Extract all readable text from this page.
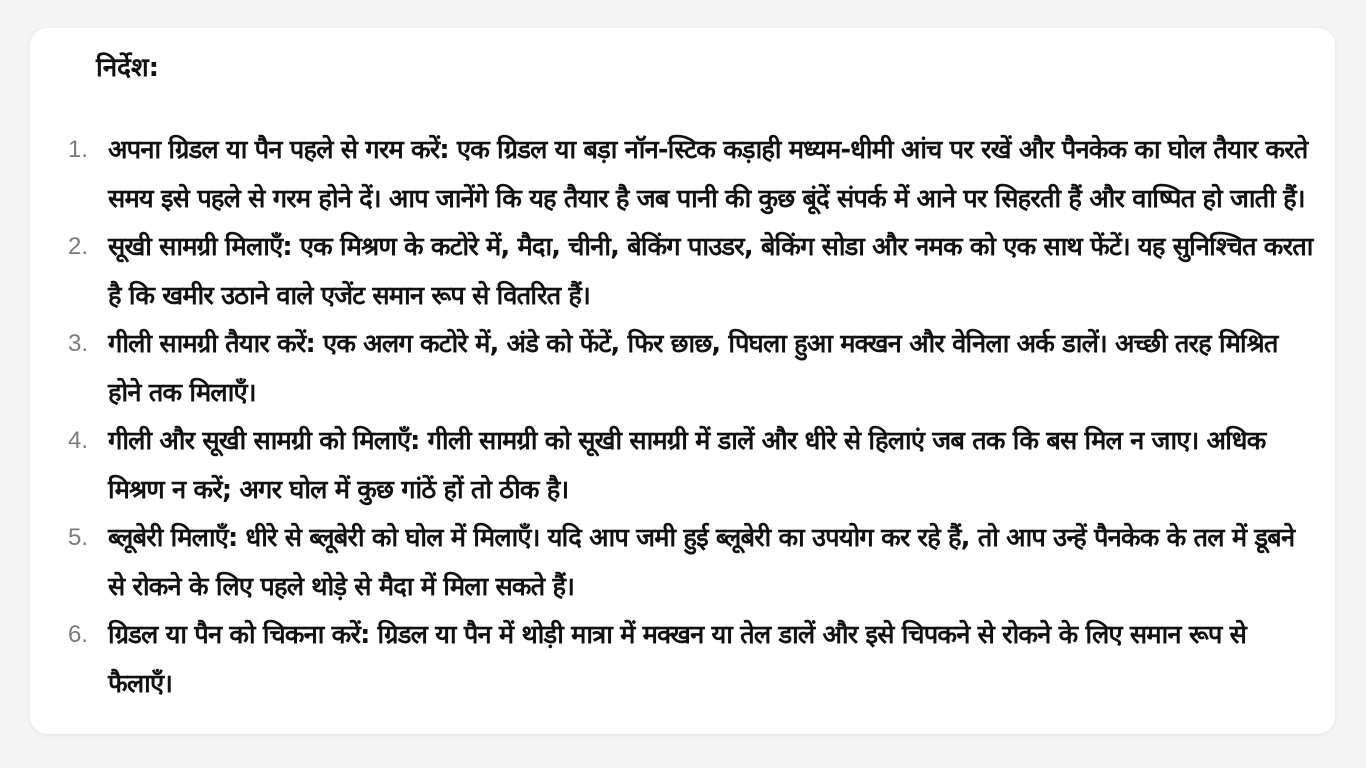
निर्देश:
1. अपना ग्रिडल या पैन पहले से गरम करें: एक ग्रिडल या बड़ा नॉन-स्टिक कड़ाही मध्यम-धीमी आंच पर रखें और पैनकेक का घोल तैयार करते समय इसे पहले से गरम होने दें। आप जानेंगे कि यह तैयार है जब पानी की कुछ बूंदें संपर्क में आने पर सिहरती हैं और वाष्पित हो जाती हैं।
2. सूखी सामग्री मिलाएँ: एक मिश्रण के कटोरे में, मैदा, चीनी, बेकिंग पाउडर, बेकिंग सोडा और नमक को एक साथ फेंटें। यह सुनिश्चित करता है कि खमीर उठाने वाले एजेंट समान रूप से वितरित हैं।
3. गीली सामग्री तैयार करें: एक अलग कटोरे में, अंडे को फेंटें, फिर छाछ, पिघला हुआ मक्खन और वेनिला अर्क डालें। अच्छी तरह मिश्रित होने तक मिलाएँ।
4. गीली और सूखी सामग्री को मिलाएँ: गीली सामग्री को सूखी सामग्री में डालें और धीरे से हिलाएं जब तक कि बस मिल न जाए। अधिक मिश्रण न करें; अगर घोल में कुछ गांठें हों तो ठीक है।
5. ब्लूबेरी मिलाएँ: धीरे से ब्लूबेरी को घोल में मिलाएँ। यदि आप जमी हुई ब्लूबेरी का उपयोग कर रहे हैं, तो आप उन्हें पैनकेक के तल में डूबने से रोकने के लिए पहले थोड़े से मैदा में मिला सकते हैं।
6. ग्रिडल या पैन को चिकना करें: ग्रिडल या पैन में थोड़ी मात्रा में मक्खन या तेल डालें और इसे चिपकने से रोकने के लिए समान रूप से फैलाएँ।
